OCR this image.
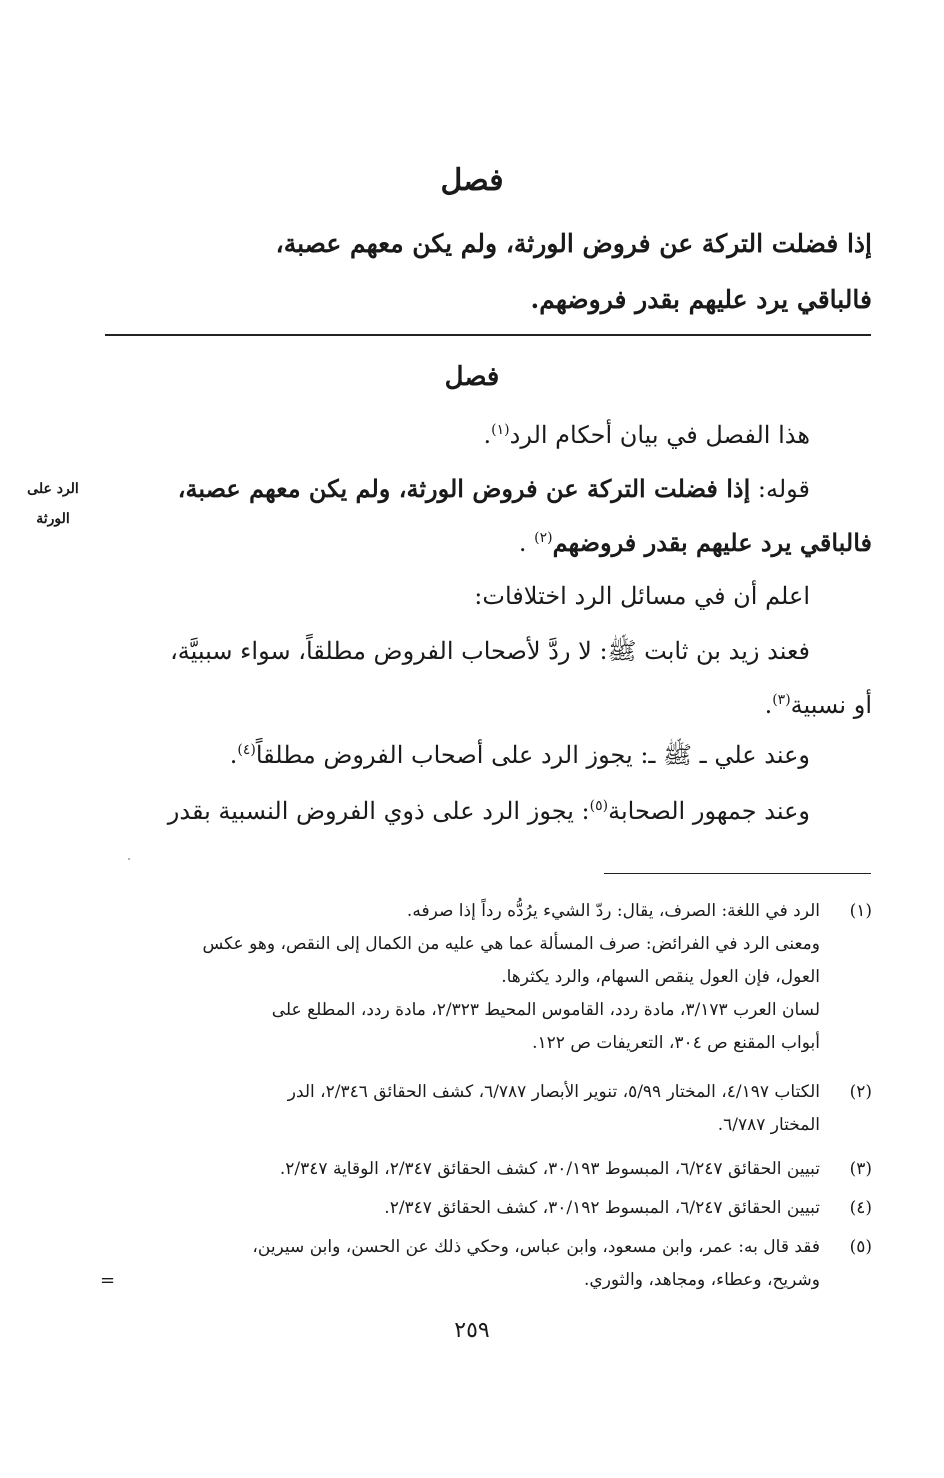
فصل
إذا فضلت التركة عن فروض الورثة، ولم يكن معهم عصبة،
فالباقي يرد عليهم بقدر فروضهم.
فصل
هذا الفصل في بيان أحكام الرد$^{(١)}$.
قوله: إذا فضلت التركة عن فروض الورثة، ولم يكن معهم عصبة،
فالباقي يرد عليهم بقدر فروضهم$^{(٢)}$ .
الرد على
الورثة
اعلم أن في مسائل الرد اختلافات:
فعند زيد بن ثابت ﷺ: لا ردَّ لأصحاب الفروض مطلقاً، سواء سببيَّة،
أو نسبية$^{(٣)}$.
وعند علي ـ ﷺ ـ: يجوز الرد على أصحاب الفروض مطلقاً$^{(٤)}$.
وعند جمهور الصحابة$^{(٥)}$: يجوز الرد على ذوي الفروض النسبية بقدر
(١)
الرد في اللغة: الصرف، يقال: ردّ الشيء يرُدُّه رداً إذا صرفه.
ومعنى الرد في الفرائض: صرف المسألة عما هي عليه من الكمال إلى النقص، وهو عكس
العول، فإن العول ينقص السهام، والرد يكثرها.
لسان العرب ٣/١٧٣، مادة ردد، القاموس المحيط ٢/٣٢٣، مادة ردد، المطلع على
أبواب المقنع ص ٣٠٤، التعريفات ص ١٢٢.
(٢)
الكتاب ٤/١٩٧، المختار ٥/٩٩، تنوير الأبصار ٦/٧٨٧، كشف الحقائق ٢/٣٤٦، الدر
المختار ٦/٧٨٧.
(٣)
تبيين الحقائق ٦/٢٤٧، المبسوط ٣٠/١٩٣، كشف الحقائق ٢/٣٤٧، الوقاية ٢/٣٤٧.
(٤)
تبيين الحقائق ٦/٢٤٧، المبسوط ٣٠/١٩٢، كشف الحقائق ٢/٣٤٧.
(٥)
فقد قال به: عمر، وابن مسعود، وابن عباس، وحكي ذلك عن الحسن، وابن سيرين،
وشريح، وعطاء، ومجاهد، والثوري.
=
٢٥٩
